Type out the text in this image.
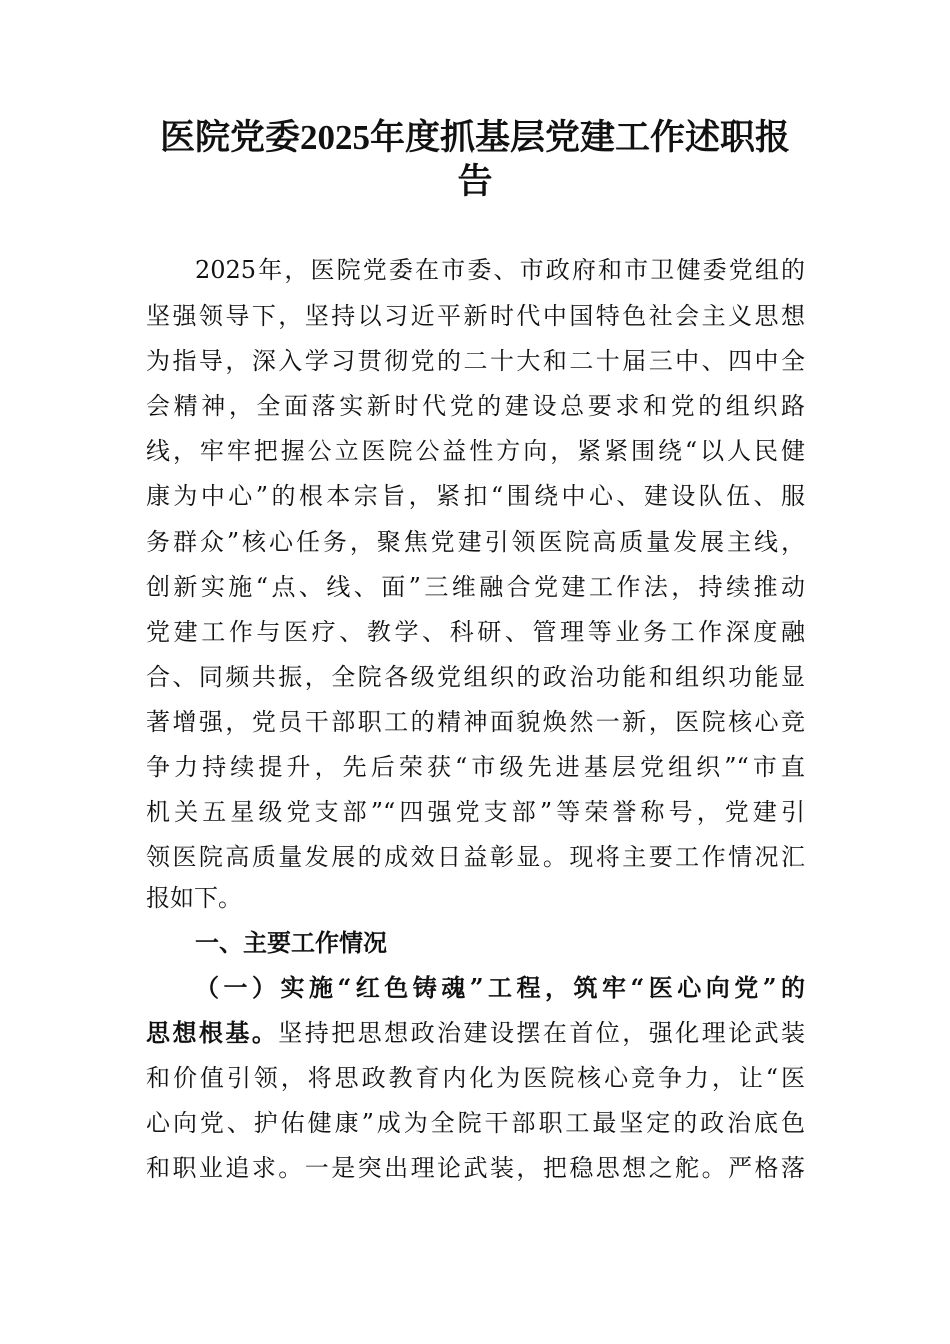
医院党委2025年度抓基层党建工作述职报
告
2025年，医院党委在市委、市政府和市卫健委党组的
坚强领导下，坚持以习近平新时代中国特色社会主义思想
为指导，深入学习贯彻党的二十大和二十届三中、四中全
会精神，全面落实新时代党的建设总要求和党的组织路
线，牢牢把握公立医院公益性方向，紧紧围绕“以人民健
康为中心”的根本宗旨，紧扣“围绕中心、建设队伍、服
务群众”核心任务，聚焦党建引领医院高质量发展主线，
创新实施“点、线、面”三维融合党建工作法，持续推动
党建工作与医疗、教学、科研、管理等业务工作深度融
合、同频共振，全院各级党组织的政治功能和组织功能显
著增强，党员干部职工的精神面貌焕然一新，医院核心竞
争力持续提升，先后荣获“市级先进基层党组织”“市直
机关五星级党支部”“四强党支部”等荣誉称号，党建引
领医院高质量发展的成效日益彰显。现将主要工作情况汇
报如下。
一、主要工作情况
（一）实施“红色铸魂”工程，筑牢“医心向党”的
思想根基。坚持把思想政治建设摆在首位，强化理论武装
和价值引领，将思政教育内化为医院核心竞争力，让“医
心向党、护佑健康”成为全院干部职工最坚定的政治底色
和职业追求。一是突出理论武装，把稳思想之舵。严格落
